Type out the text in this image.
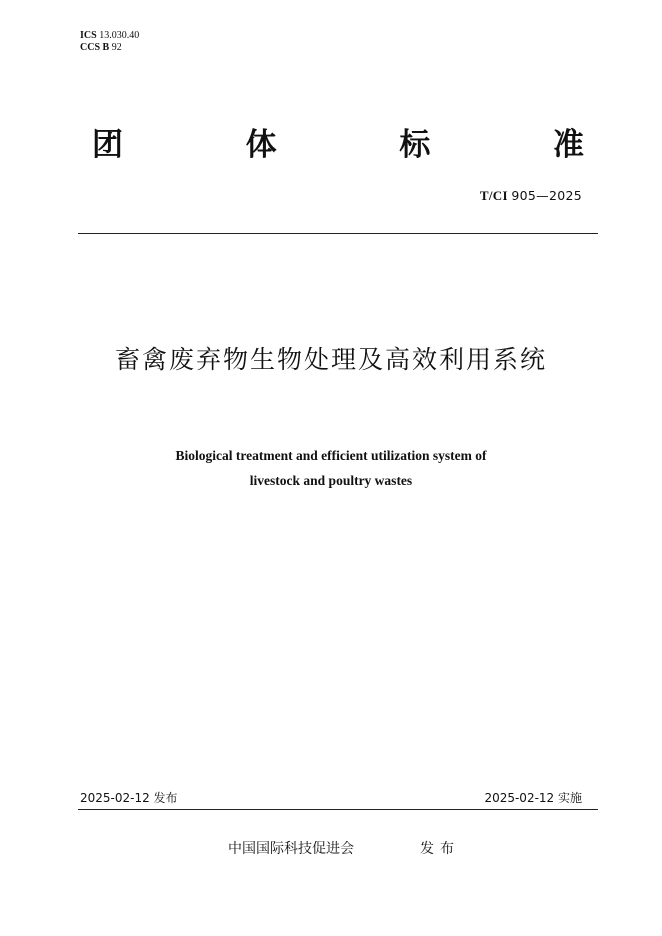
ICS 13.030.40
CCS B 92
团	体	标	准
T/CI 905—2025
畜禽废弃物生物处理及高效利用系统
Biological treatment and efficient utilization system of
livestock and poultry wastes
2025-02-12 发布	2025-02-12 实施
中国国际科技促进会	发布
